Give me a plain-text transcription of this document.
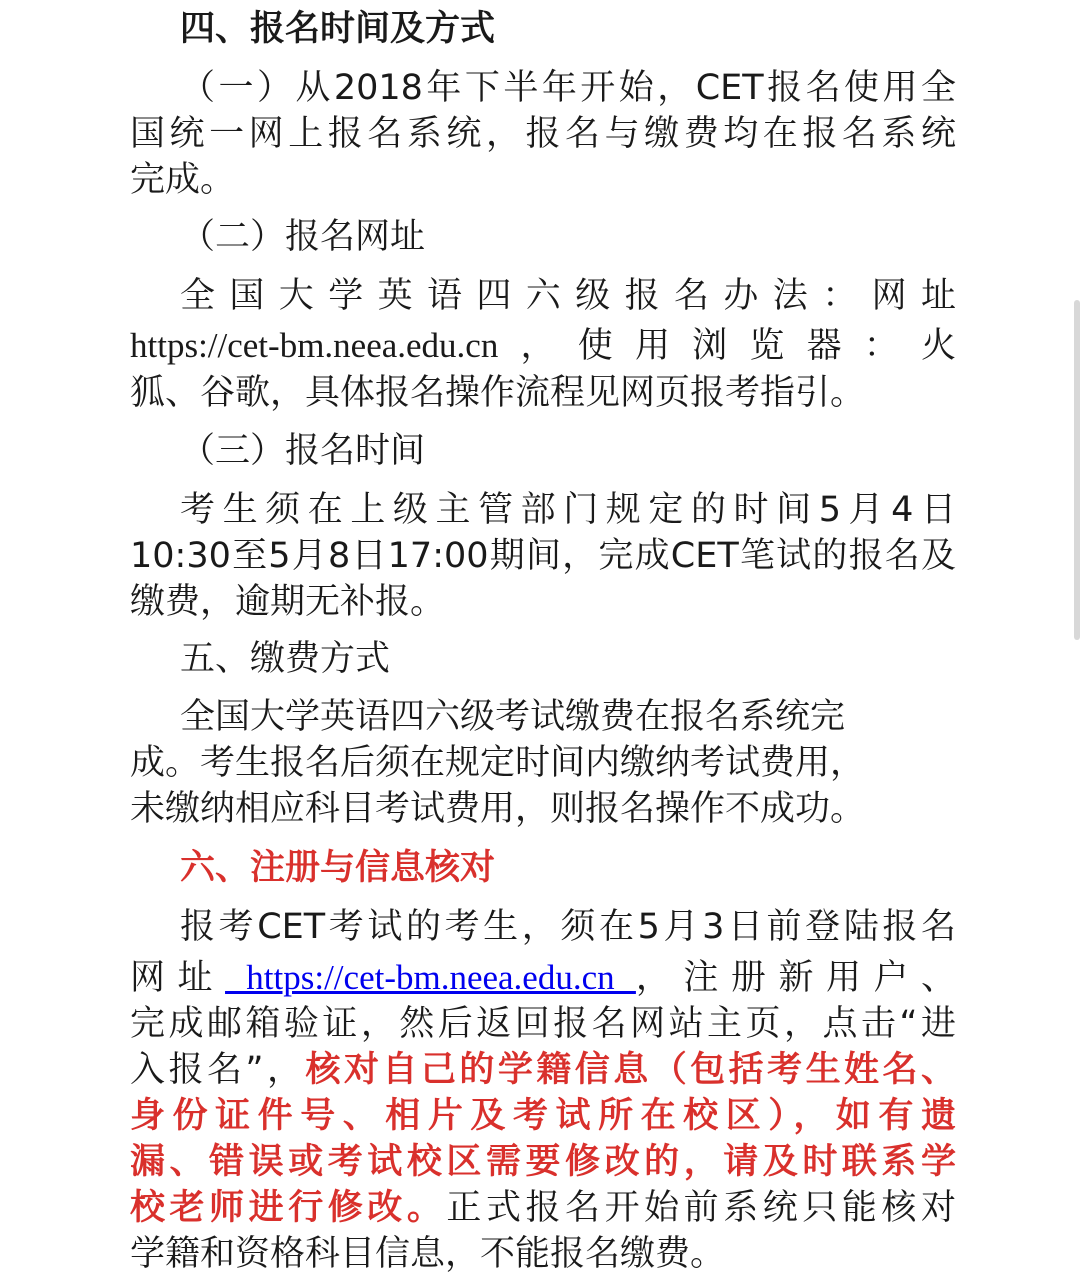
四、报名时间及方式
（一）从2018年下半年开始，CET报名使用全
国统一网上报名系统，报名与缴费均在报名系统
完成。
（二）报名网址
全国大学英语四六级报名办法：网址
https://cet-bm.neea.edu.cn，使用浏览器：火
狐、谷歌，具体报名操作流程见网页报考指引。
（三）报名时间
考生须在上级主管部门规定的时间5月4日
10:30至5月8日17:00期间，完成CET笔试的报名及
缴费，逾期无补报。
五、缴费方式
全国大学英语四六级考试缴费在报名系统完
成。考生报名后须在规定时间内缴纳考试费用，
未缴纳相应科目考试费用，则报名操作不成功。
六、注册与信息核对
报考CET考试的考生，须在5月3日前登陆报名
网址 https://cet-bm.neea.edu.cn ，注册新用户、
完成邮箱验证，然后返回报名网站主页，点击“进
入报名”，核对自己的学籍信息（包括考生姓名、
身份证件号、相片及考试所在校区），如有遗
漏、错误或考试校区需要修改的，请及时联系学
校老师进行修改。正式报名开始前系统只能核对
学籍和资格科目信息，不能报名缴费。
